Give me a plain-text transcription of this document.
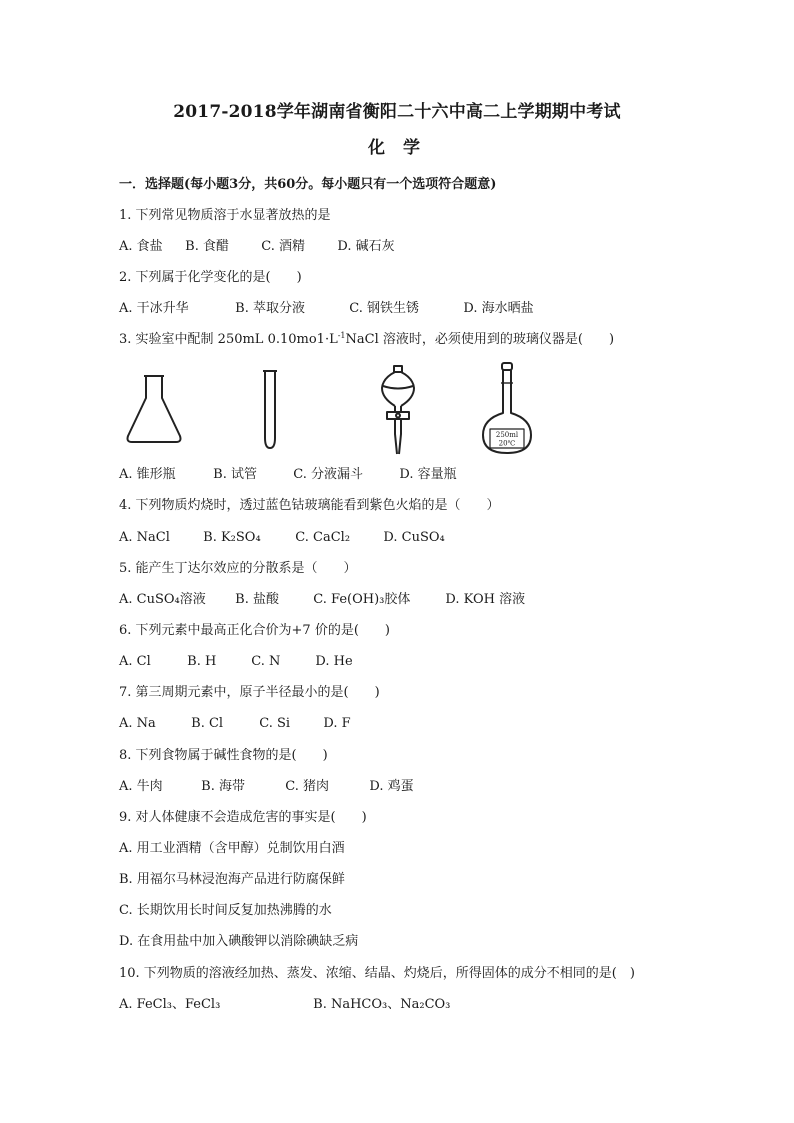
2017-2018学年湖南省衡阳二十六中高二上学期期中考试
化 学
一．选择题(每小题3分，共60分。每小题只有一个选项符合题意)
1. 下列常见物质溶于水显著放热的是
A. 食盐 B. 食醋 C. 酒精 D. 碱石灰
2. 下列属于化学变化的是(　　)
A. 干冰升华	B. 萃取分液	C. 钢铁生锈	D. 海水晒盐
3. 实验室中配制 250mL $0.10mo1\cdot L^{-1}NaCl$ 溶液时，必须使用到的玻璃仪器是(　　)
250ml
20℃
A. 锥形瓶	B. 试管	C. 分液漏斗	D. 容量瓶
4. 下列物质灼烧时，透过蓝色钴玻璃能看到紫色火焰的是（　　）
A. NaCl	B. K₂SO₄	C. CaCl₂	D. CuSO₄
5. 能产生丁达尔效应的分散系是（　　）
A. CuSO₄溶液 B. 盐酸	C. Fe(OH)₃胶体	D. KOH 溶液
6. 下列元素中最高正化合价为+7 价的是(　　)
A. Cl	B. H	C. N	D. He
7. 第三周期元素中，原子半径最小的是(　　)
A. Na	B. Cl	C. Si	D. F
8. 下列食物属于碱性食物的是(　　)
A. 牛肉	B. 海带	C. 猪肉	D. 鸡蛋
9. 对人体健康不会造成危害的事实是(　　)
A. 用工业酒精（含甲醇）兑制饮用白酒
B. 用福尔马林浸泡海产品进行防腐保鲜
C. 长期饮用长时间反复加热沸腾的水
D. 在食用盐中加入碘酸钾以消除碘缺乏病
10. 下列物质的溶液经加热、蒸发、浓缩、结晶、灼烧后，所得固体的成分不相同的是(　)
A. FeCl₃、FeCl₃	B. NaHCO₃、Na₂CO₃
